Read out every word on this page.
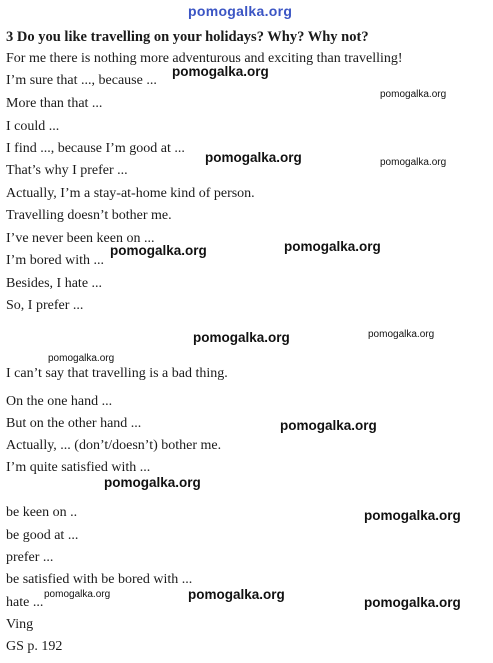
pomogalka.org
3 Do you like travelling on your holidays? Why? Why not?
For me there is nothing more adventurous and exciting than travelling!
I’m sure that ..., because ...
More than that ...
I could ...
I find ..., because I’m good at ...
That’s why I prefer ...
Actually, I’m a stay-at-home kind of person.
Travelling doesn’t bother me.
I’ve never been keen on ...
I’m bored with ...
Besides, I hate ...
So, I prefer ...
I can’t say that travelling is a bad thing.
On the one hand ...
But on the other hand ...
Actually, ... (don’t/doesn’t) bother me.
I’m quite satisfied with ...
be keen on ..
be good at ...
prefer ...
be satisfied with be bored with ...
hate ...
Ving
GS p. 192
pomogalka.org
pomogalka.org
pomogalka.org	pomogalka.org
pomogalka.org
pomogalka.org
pomogalka.org
pomogalka.org
pomogalka.org
pomogalka.org
pomogalka.org
pomogalka.org
pomogalka.org	pomogalka.org
pomogalka.org
